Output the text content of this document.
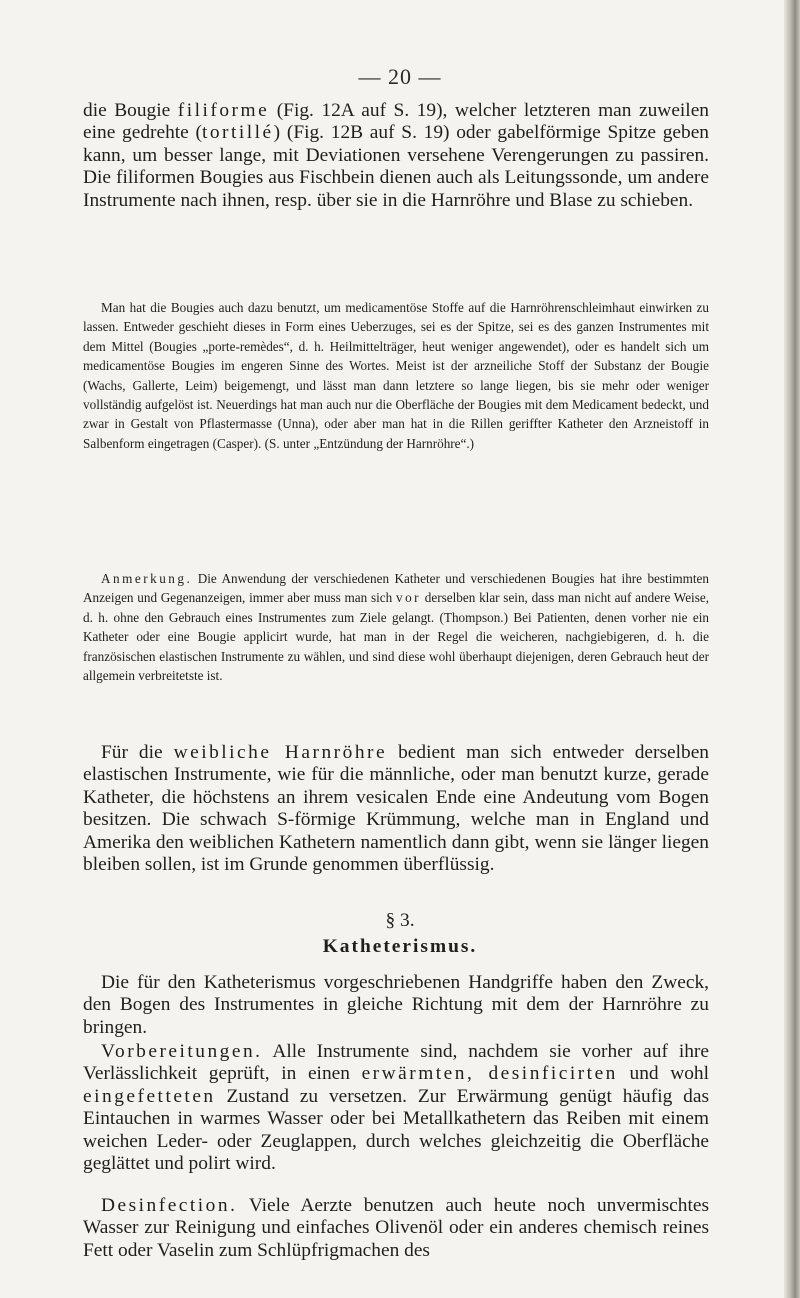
— 20 —

die Bougie filiforme (Fig. 12A auf S. 19), welcher letzteren man zuweilen eine gedrehte (tortillé) (Fig. 12B auf S. 19) oder gabelförmige Spitze geben kann, um besser lange, mit Deviationen versehene Verengerungen zu passiren. Die filiformen Bougies aus Fischbein dienen auch als Leitungssonde, um andere Instrumente nach ihnen, resp. über sie in die Harnröhre und Blase zu schieben.

Man hat die Bougies auch dazu benutzt, um medicamentöse Stoffe auf die Harnröhrenschleimhaut einwirken zu lassen. Entweder geschieht dieses in Form eines Ueberzuges, sei es der Spitze, sei es des ganzen Instrumentes mit dem Mittel (Bougies „porte-remèdes“, d. h. Heilmittelträger, heut weniger angewendet), oder es handelt sich um medicamentöse Bougies im engeren Sinne des Wortes. Meist ist der arzneiliche Stoff der Substanz der Bougie (Wachs, Gallerte, Leim) beigemengt, und lässt man dann letztere so lange liegen, bis sie mehr oder weniger vollständig aufgelöst ist. Neuerdings hat man auch nur die Oberfläche der Bougies mit dem Medicament bedeckt, und zwar in Gestalt von Pflastermasse (Unna), oder aber man hat in die Rillen geriffter Katheter den Arzneistoff in Salbenform eingetragen (Casper). (S. unter „Entzündung der Harnröhre“.)

Anmerkung. Die Anwendung der verschiedenen Katheter und verschiedenen Bougies hat ihre bestimmten Anzeigen und Gegenanzeigen, immer aber muss man sich vor derselben klar sein, dass man nicht auf andere Weise, d. h. ohne den Gebrauch eines Instrumentes zum Ziele gelangt. (Thompson.) Bei Patienten, denen vorher nie ein Katheter oder eine Bougie applicirt wurde, hat man in der Regel die weicheren, nachgiebigeren, d. h. die französischen elastischen Instrumente zu wählen, und sind diese wohl überhaupt diejenigen, deren Gebrauch heut der allgemein verbreitetste ist.

Für die weibliche Harnröhre bedient man sich entweder derselben elastischen Instrumente, wie für die männliche, oder man benutzt kurze, gerade Katheter, die höchstens an ihrem vesicalen Ende eine Andeutung vom Bogen besitzen. Die schwach S-förmige Krümmung, welche man in England und Amerika den weiblichen Kathetern namentlich dann gibt, wenn sie länger liegen bleiben sollen, ist im Grunde genommen überflüssig.

§ 3.
Katheterismus.

Die für den Katheterismus vorgeschriebenen Handgriffe haben den Zweck, den Bogen des Instrumentes in gleiche Richtung mit dem der Harnröhre zu bringen.

Vorbereitungen. Alle Instrumente sind, nachdem sie vorher auf ihre Verlässlichkeit geprüft, in einen erwärmten, desinficirten und wohl eingefetteten Zustand zu versetzen. Zur Erwärmung genügt häufig das Eintauchen in warmes Wasser oder bei Metallkathetern das Reiben mit einem weichen Leder- oder Zeuglappen, durch welches gleichzeitig die Oberfläche geglättet und polirt wird.

Desinfection. Viele Aerzte benutzen auch heute noch unvermischtes Wasser zur Reinigung und einfaches Olivenöl oder ein anderes chemisch reines Fett oder Vaselin zum Schlüpfrigmachen des
